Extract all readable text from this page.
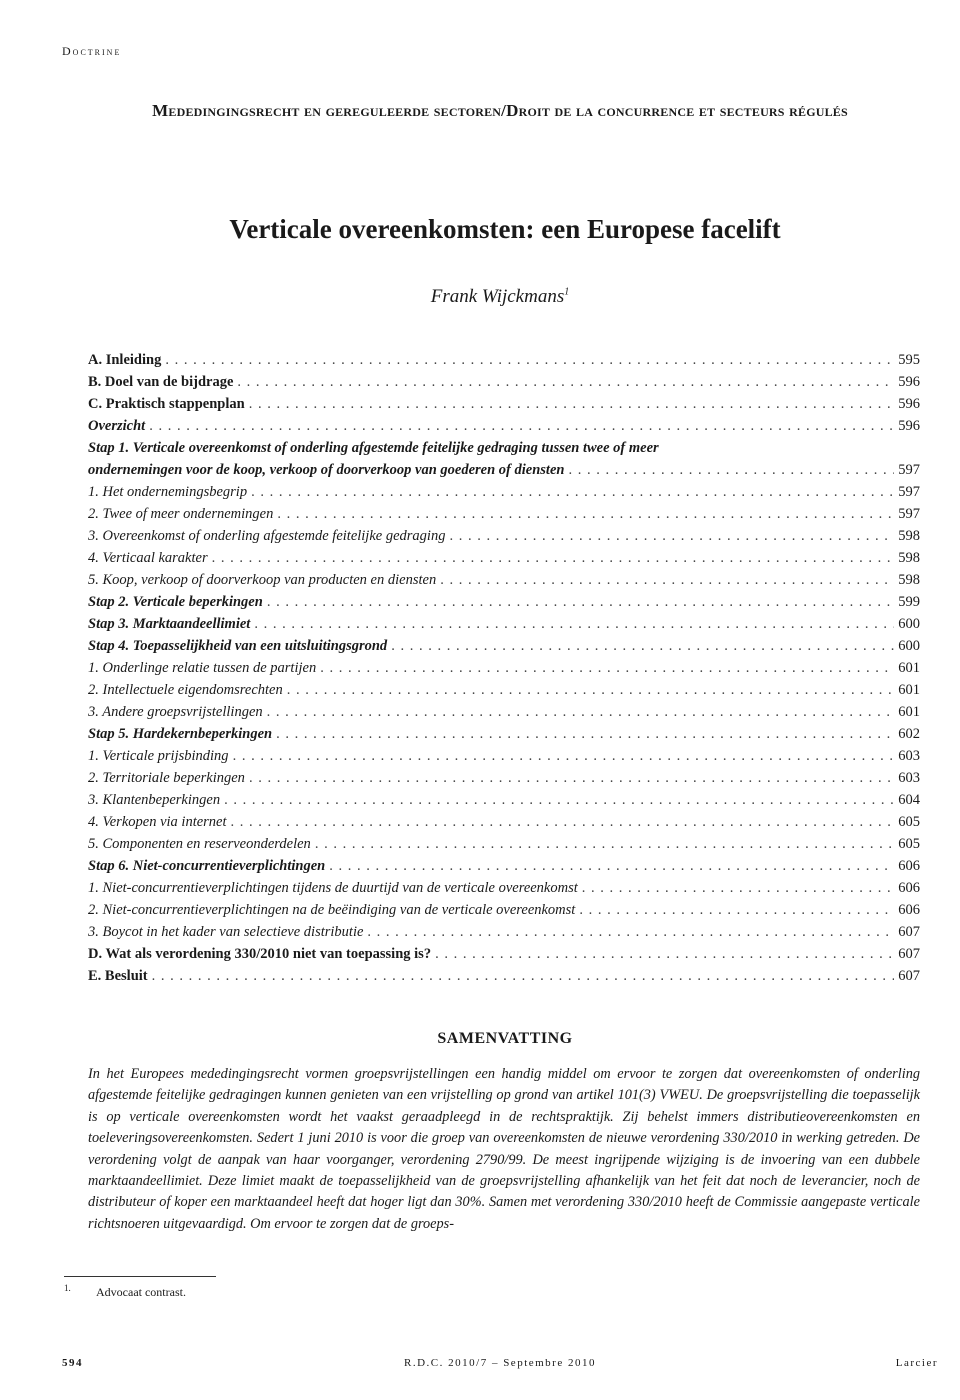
Doctrine
Mededingingsrecht en gereguleerde sectoren/Droit de la concurrence et secteurs régulés
Verticale overeenkomsten: een Europese facelift
Frank Wijckmans$^1$
A. Inleiding . . .	595
B. Doel van de bijdrage . . .	596
C. Praktisch stappenplan . . .	596
Overzicht . . .	596
Stap 1. Verticale overeenkomst of onderling afgestemde feitelijke gedraging tussen twee of meer
ondernemingen voor de koop, verkoop of doorverkoop van goederen of diensten . . .	597
1. Het ondernemingsbegrip . . .	597
2. Twee of meer ondernemingen . . .	597
3. Overeenkomst of onderling afgestemde feitelijke gedraging . . .	598
4. Verticaal karakter . . .	598
5. Koop, verkoop of doorverkoop van producten en diensten . . .	598
Stap 2. Verticale beperkingen . . .	599
Stap 3. Marktaandeellimiet . . .	600
Stap 4. Toepasselijkheid van een uitsluitingsgrond . . .	600
1. Onderlinge relatie tussen de partijen . . .	601
2. Intellectuele eigendomsrechten . . .	601
3. Andere groepsvrijstellingen . . .	601
Stap 5. Hardekernbeperkingen . . .	602
1. Verticale prijsbinding . . .	603
2. Territoriale beperkingen . . .	603
3. Klantenbeperkingen . . .	604
4. Verkopen via internet . . .	605
5. Componenten en reserveonderdelen . . .	605
Stap 6. Niet-concurrentieverplichtingen . . .	606
1. Niet-concurrentieverplichtingen tijdens de duurtijd van de verticale overeenkomst . . .	606
2. Niet-concurrentieverplichtingen na de beëindiging van de verticale overeenkomst . . .	606
3. Boycot in het kader van selectieve distributie . . .	607
D. Wat als verordening 330/2010 niet van toepassing is? . . .	607
E. Besluit . . .	607
SAMENVATTING
In het Europees mededingingsrecht vormen groepsvrijstellingen een handig middel om ervoor te zorgen dat overeenkomsten of onderling afgestemde feitelijke gedragingen kunnen genieten van een vrijstelling op grond van artikel 101(3) VWEU. De groepsvrijstelling die toepasselijk is op verticale overeenkomsten wordt het vaakst geraadpleegd in de rechtspraktijk. Zij behelst immers distributieovereenkomsten en toeleveringsovereenkomsten. Sedert 1 juni 2010 is voor die groep van overeenkomsten de nieuwe verordening 330/2010 in werking getreden. De verordening volgt de aanpak van haar voorganger, verordening 2790/99. De meest ingrijpende wijziging is de invoering van een dubbele marktaandeellimiet. Deze limiet maakt de toepasselijkheid van de groepsvrijstelling afhankelijk van het feit dat noch de leverancier, noch de distributeur of koper een marktaandeel heeft dat hoger ligt dan 30%. Samen met verordening 330/2010 heeft de Commissie aangepaste verticale richtsnoeren uitgevaardigd. Om ervoor te zorgen dat de groeps-
1. Advocaat contrast.
594	R.D.C. 2010/7 – Septembre 2010	Larcier
